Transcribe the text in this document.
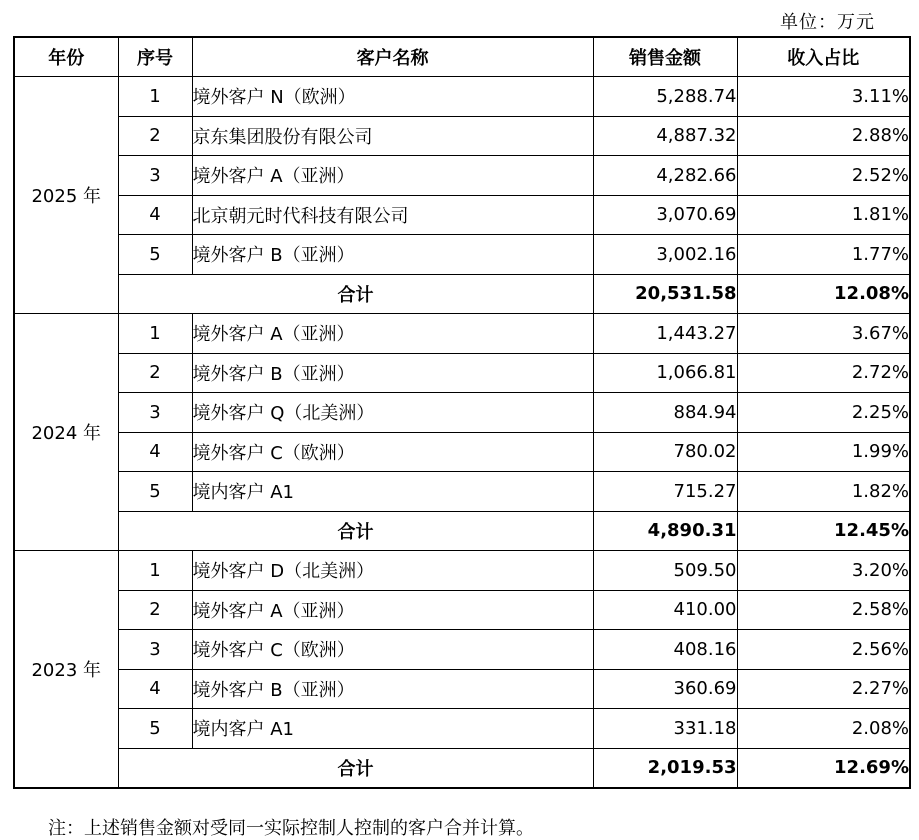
单位：万元
年份	序号	客户名称	销售金额	收入占比
2025 年	1	境外客户 N（欧洲）	5,288.74	3.11%
	2	京东集团股份有限公司	4,887.32	2.88%
	3	境外客户 A（亚洲）	4,282.66	2.52%
	4	北京朝元时代科技有限公司	3,070.69	1.81%
	5	境外客户 B（亚洲）	3,002.16	1.77%
	合计		20,531.58	12.08%
2024 年	1	境外客户 A（亚洲）	1,443.27	3.67%
	2	境外客户 B（亚洲）	1,066.81	2.72%
	3	境外客户 Q（北美洲）	884.94	2.25%
	4	境外客户 C（欧洲）	780.02	1.99%
	5	境内客户 A1	715.27	1.82%
	合计		4,890.31	12.45%
2023 年	1	境外客户 D（北美洲）	509.50	3.20%
	2	境外客户 A（亚洲）	410.00	2.58%
	3	境外客户 C（欧洲）	408.16	2.56%
	4	境外客户 B（亚洲）	360.69	2.27%
	5	境内客户 A1	331.18	2.08%
	合计		2,019.53	12.69%
注：上述销售金额对受同一实际控制人控制的客户合并计算。
